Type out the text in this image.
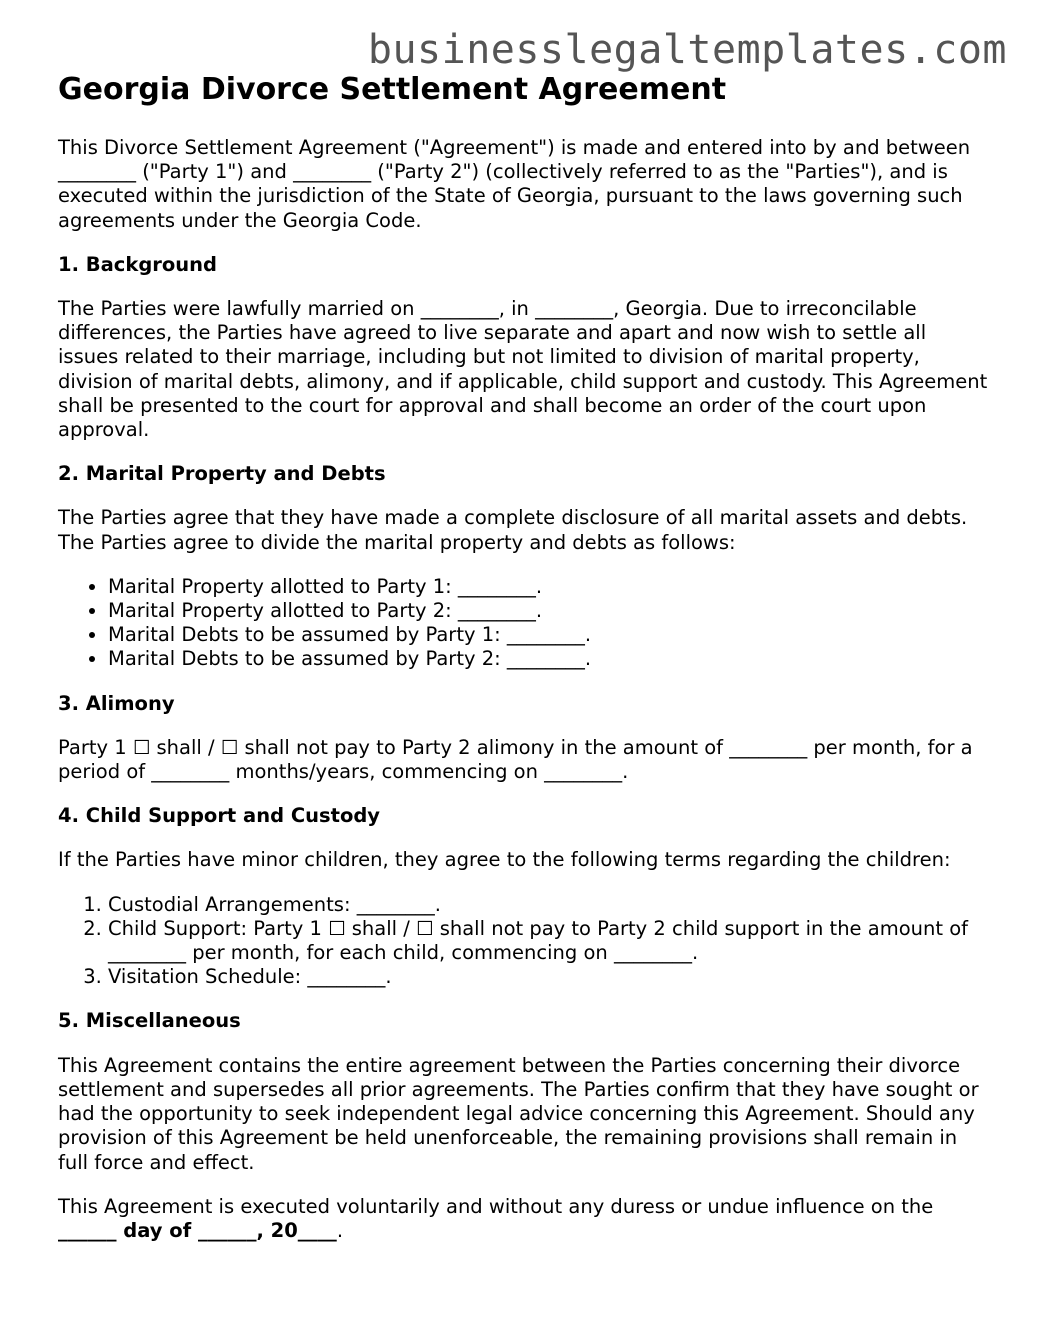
businesslegaltemplates.com
Georgia Divorce Settlement Agreement

This Divorce Settlement Agreement ("Agreement") is made and entered into by and between ________ ("Party 1") and ________ ("Party 2") (collectively referred to as the "Parties"), and is executed within the jurisdiction of the State of Georgia, pursuant to the laws governing such agreements under the Georgia Code.

1. Background

The Parties were lawfully married on ________, in ________, Georgia. Due to irreconcilable differences, the Parties have agreed to live separate and apart and now wish to settle all issues related to their marriage, including but not limited to division of marital property, division of marital debts, alimony, and if applicable, child support and custody. This Agreement shall be presented to the court for approval and shall become an order of the court upon approval.

2. Marital Property and Debts

The Parties agree that they have made a complete disclosure of all marital assets and debts. The Parties agree to divide the marital property and debts as follows:

• Marital Property allotted to Party 1: ________.
• Marital Property allotted to Party 2: ________.
• Marital Debts to be assumed by Party 1: ________.
• Marital Debts to be assumed by Party 2: ________.

3. Alimony

Party 1 ☐ shall / ☐ shall not pay to Party 2 alimony in the amount of ________ per month, for a period of ________ months/years, commencing on ________.

4. Child Support and Custody

If the Parties have minor children, they agree to the following terms regarding the children:

1. Custodial Arrangements: ________.
2. Child Support: Party 1 ☐ shall / ☐ shall not pay to Party 2 child support in the amount of ________ per month, for each child, commencing on ________.
3. Visitation Schedule: ________.

5. Miscellaneous

This Agreement contains the entire agreement between the Parties concerning their divorce settlement and supersedes all prior agreements. The Parties confirm that they have sought or had the opportunity to seek independent legal advice concerning this Agreement. Should any provision of this Agreement be held unenforceable, the remaining provisions shall remain in full force and effect.

This Agreement is executed voluntarily and without any duress or undue influence on the
______ day of ______, 20____.
